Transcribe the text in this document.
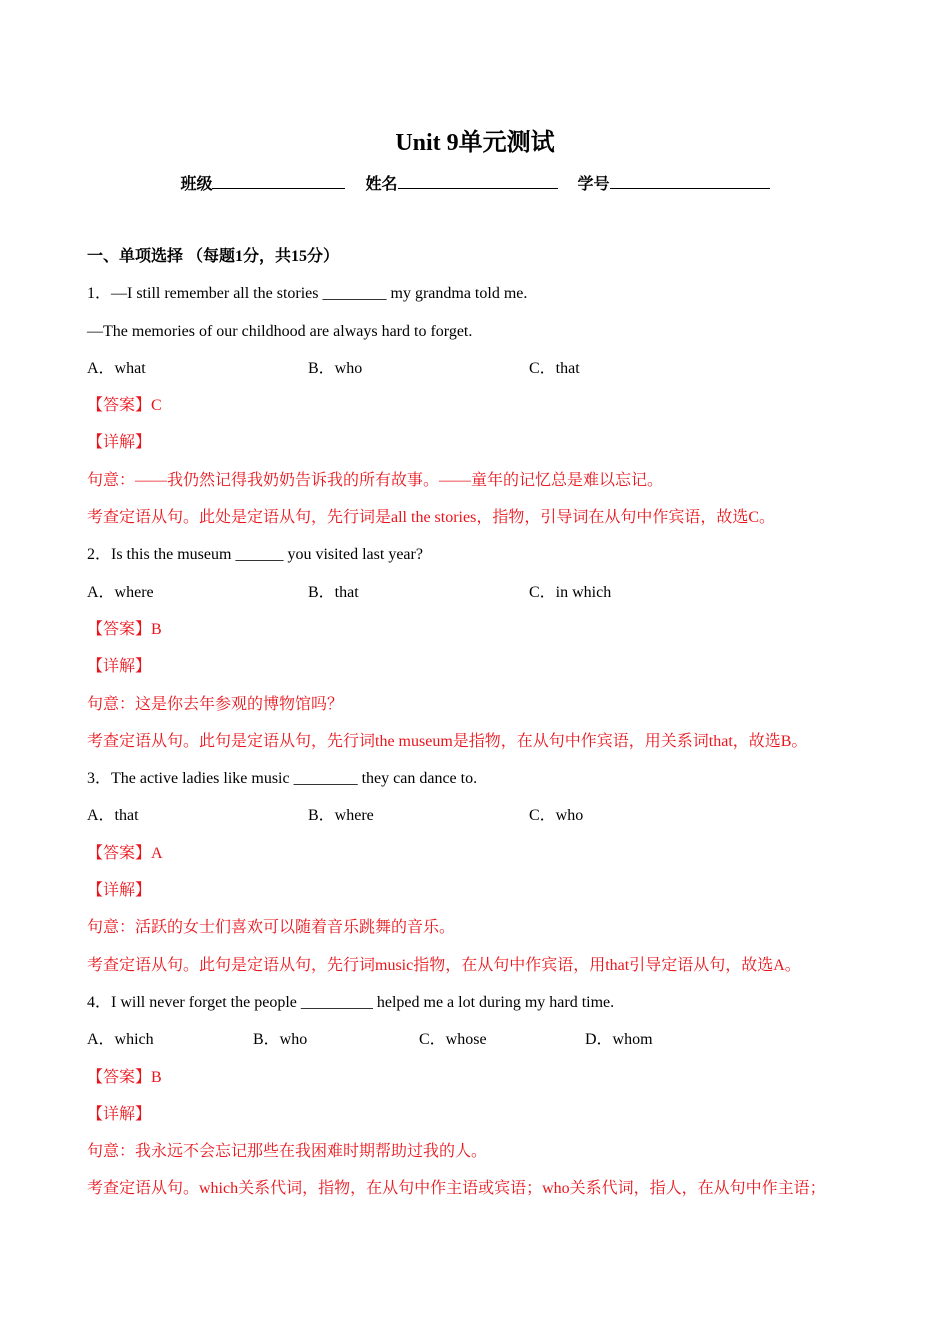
Unit 9单元测试
班级	姓名	学号
一、单项选择 （每题1分，共15分）
1．—I still remember all the stories ________ my grandma told me.
—The memories of our childhood are always hard to forget.
A．what	B．who	C．that
【答案】C
【详解】
句意：——我仍然记得我奶奶告诉我的所有故事。——童年的记忆总是难以忘记。
考查定语从句。此处是定语从句，先行词是all the stories，指物，引导词在从句中作宾语，故选C。
2．Is this the museum ______ you visited last year?
A．where	B．that	C．in which
【答案】B
【详解】
句意：这是你去年参观的博物馆吗？
考查定语从句。此句是定语从句，先行词the museum是指物，在从句中作宾语，用关系词that，故选B。
3．The active ladies like music ________ they can dance to.
A．that	B．where	C．who
【答案】A
【详解】
句意：活跃的女士们喜欢可以随着音乐跳舞的音乐。
考查定语从句。此句是定语从句，先行词music指物，在从句中作宾语，用that引导定语从句，故选A。
4．I will never forget the people _________ helped me a lot during my hard time.
A．which	B．who	C．whose	D．whom
【答案】B
【详解】
句意：我永远不会忘记那些在我困难时期帮助过我的人。
考查定语从句。which关系代词，指物，在从句中作主语或宾语；who关系代词，指人，在从句中作主语；
